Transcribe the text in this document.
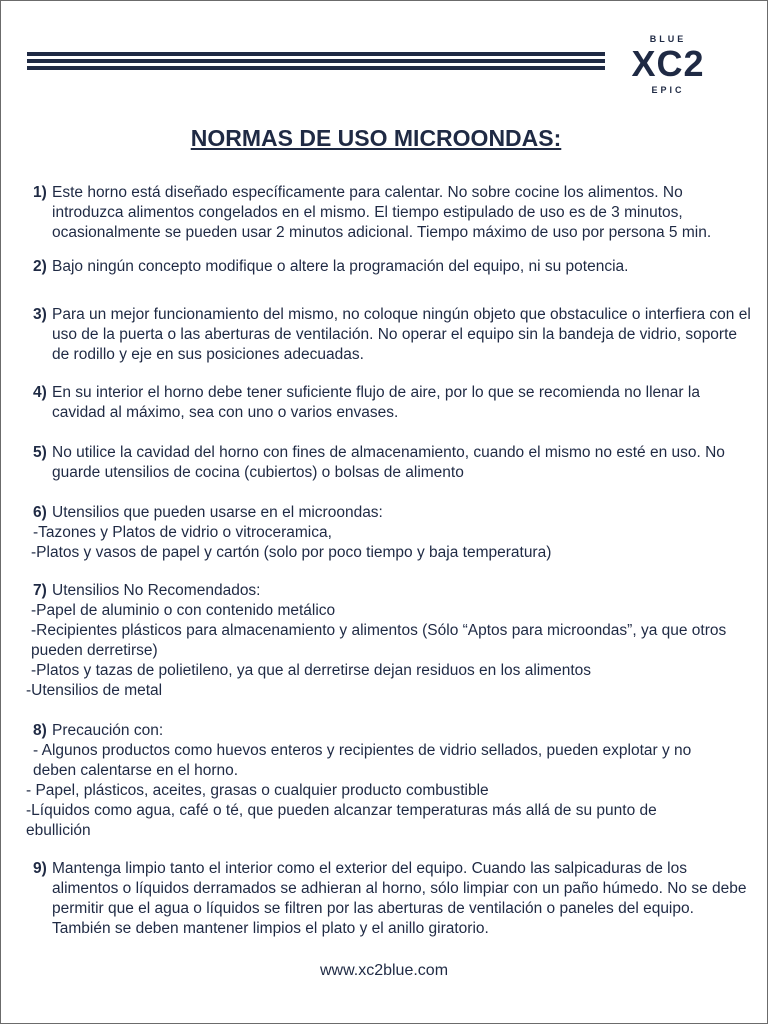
BLUE
XC2
EPIC
NORMAS DE USO MICROONDAS:
1) Este horno está diseñado específicamente para calentar. No sobre cocine los alimentos. No introduzca alimentos congelados en el mismo. El tiempo estipulado de uso es de 3 minutos, ocasionalmente se pueden usar 2 minutos adicional. Tiempo máximo de uso por persona 5 min.
2) Bajo ningún concepto modifique o altere la programación del equipo, ni su potencia.
3) Para un mejor funcionamiento del mismo, no coloque ningún objeto que obstaculice o interfiera con el uso de la puerta o las aberturas de ventilación. No operar el equipo sin la bandeja de vidrio, soporte de rodillo y eje en sus posiciones adecuadas.
4) En su interior el horno debe tener suficiente flujo de aire, por lo que se recomienda no llenar la cavidad al máximo, sea con uno o varios envases.
5) No utilice la cavidad del horno con fines de almacenamiento, cuando el mismo no esté en uso. No guarde utensilios de cocina (cubiertos) o bolsas de alimento
6) Utensilios que pueden usarse en el microondas:
-Tazones y Platos de vidrio o vitroceramica,
-Platos y vasos de papel y cartón (solo por poco tiempo y baja temperatura)
7) Utensilios No Recomendados:
-Papel de aluminio o con contenido metálico
-Recipientes plásticos para almacenamiento y alimentos (Sólo “Aptos para microondas”, ya que otros pueden derretirse)
-Platos y tazas de polietileno, ya que al derretirse dejan residuos en los alimentos
-Utensilios de metal
8) Precaución con:
- Algunos productos como huevos enteros y recipientes de vidrio sellados, pueden explotar y no deben calentarse en el horno.
- Papel, plásticos, aceites, grasas o cualquier producto combustible
-Líquidos como agua, café o té, que pueden alcanzar temperaturas más allá de su punto de ebullición
9) Mantenga limpio tanto el interior como el exterior del equipo. Cuando las salpicaduras de los alimentos o líquidos derramados se adhieran al horno, sólo limpiar con un paño húmedo. No se debe permitir que el agua o líquidos se filtren por las aberturas de ventilación o paneles del equipo. También se deben mantener limpios el plato y el anillo giratorio.
www.xc2blue.com
